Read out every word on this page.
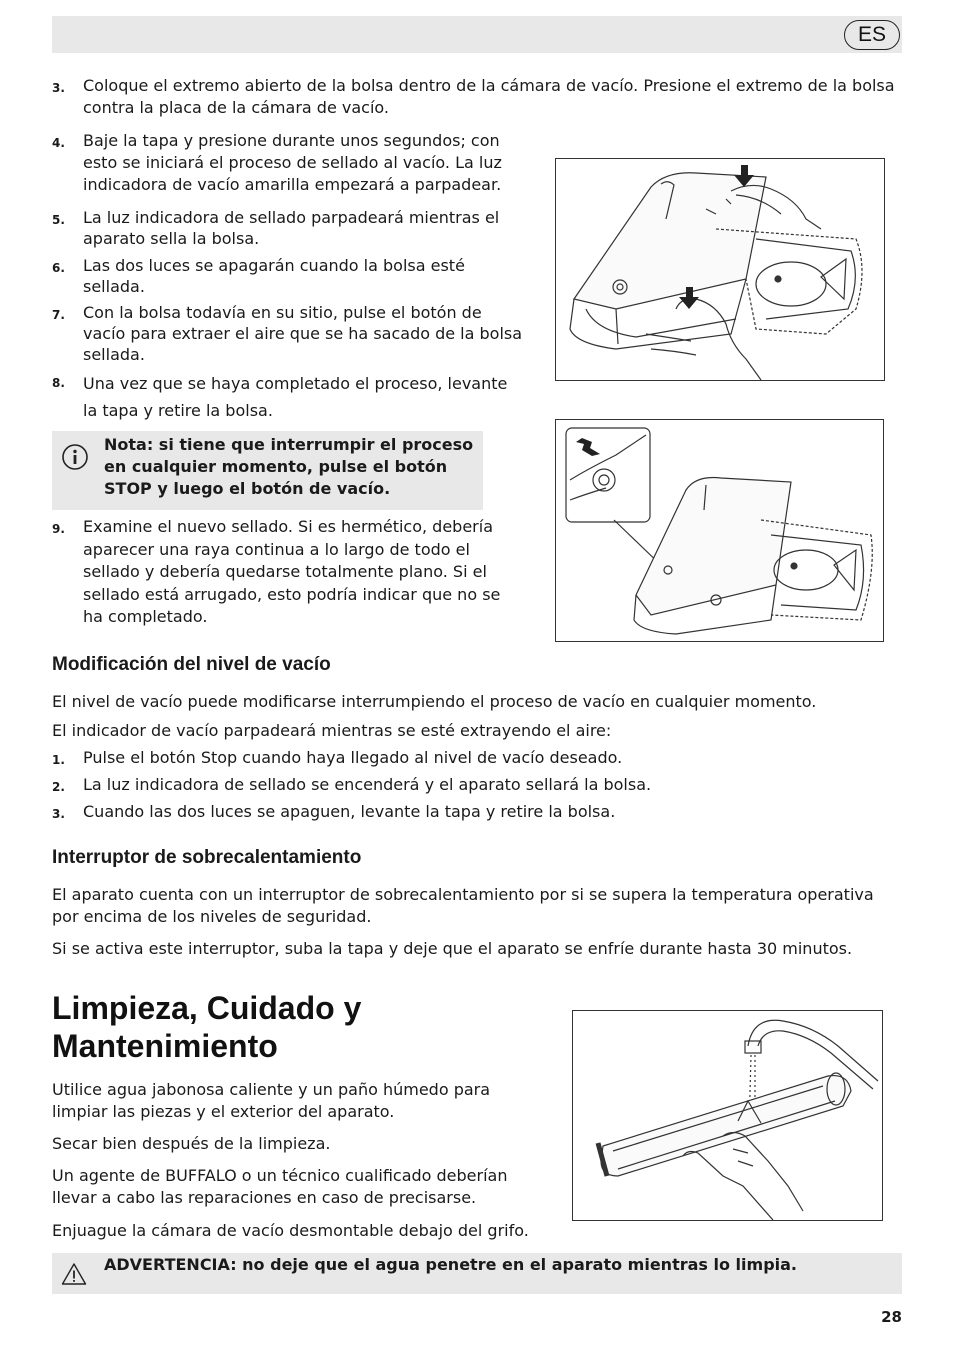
ES
3. Coloque el extremo abierto de la bolsa dentro de la cámara de vacío. Presione el extremo de la bolsa contra la placa de la cámara de vacío.
4. Baje la tapa y presione durante unos segundos; con esto se iniciará el proceso de sellado al vacío. La luz indicadora de vacío amarilla empezará a parpadear.
5. La luz indicadora de sellado parpadeará mientras el aparato sella la bolsa.
6. Las dos luces se apagarán cuando la bolsa esté sellada.
7. Con la bolsa todavía en su sitio, pulse el botón de vacío para extraer el aire que se ha sacado de la bolsa sellada.
8. Una vez que se haya completado el proceso, levante la tapa y retire la bolsa.
Nota: si tiene que interrumpir el proceso en cualquier momento, pulse el botón STOP y luego el botón de vacío.
9. Examine el nuevo sellado. Si es hermético, debería aparecer una raya continua a lo largo de todo el sellado y debería quedarse totalmente plano. Si el sellado está arrugado, esto podría indicar que no se ha completado.
Modificación del nivel de vacío
El nivel de vacío puede modificarse interrumpiendo el proceso de vacío en cualquier momento.
El indicador de vacío parpadeará mientras se esté extrayendo el aire:
1. Pulse el botón Stop cuando haya llegado al nivel de vacío deseado.
2. La luz indicadora de sellado se encenderá y el aparato sellará la bolsa.
3. Cuando las dos luces se apaguen, levante la tapa y retire la bolsa.
Interruptor de sobrecalentamiento
El aparato cuenta con un interruptor de sobrecalentamiento por si se supera la temperatura operativa por encima de los niveles de seguridad.
Si se activa este interruptor, suba la tapa y deje que el aparato se enfríe durante hasta 30 minutos.
Limpieza, Cuidado y
Mantenimiento
Utilice agua jabonosa caliente y un paño húmedo para limpiar las piezas y el exterior del aparato.
Secar bien después de la limpieza.
Un agente de BUFFALO o un técnico cualificado deberían llevar a cabo las reparaciones en caso de precisarse.
Enjuague la cámara de vacío desmontable debajo del grifo.
ADVERTENCIA: no deje que el agua penetre en el aparato mientras lo limpia.
28
